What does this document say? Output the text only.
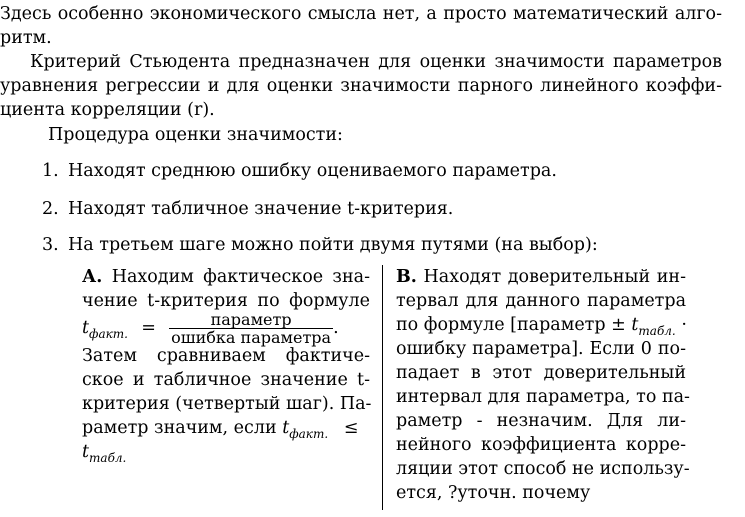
Здесь особенно экономического смысла нет, а просто математический алго-
ритм.
Критерий Стьюдента предназначен для оценки значимости параметров
уравнения регрессии и для оценки значимости парного линейного коэффи-
циента корреляции (r).
Процедура оценки значимости:
1. Находят среднюю ошибку оцениваемого параметра.
2. Находят табличное значение t-критерия.
3. На третьем шаге можно пойти двумя путями (на выбор):
А. Находим фактическое зна-
чение t-критерия по формуле
$t_{факт.} = \frac{\text{параметр}}{\text{ошибка параметра}}$ .
Затем сравниваем фактиче-
ское и табличное значение t-
критерия (четвертый шаг). Па-
раметр значим, если $t_{факт.}$ ≤
$t_{табл.}$
В. Находят доверительный ин-
тервал для данного параметра
по формуле [параметр ± $t_{табл.}$ ·
ошибку параметра]. Если 0 по-
падает в этот доверительный
интервал для параметра, то па-
раметр - незначим. Для ли-
нейного коэффициента корре-
ляции этот способ не использу-
ется, ?уточн. почему
